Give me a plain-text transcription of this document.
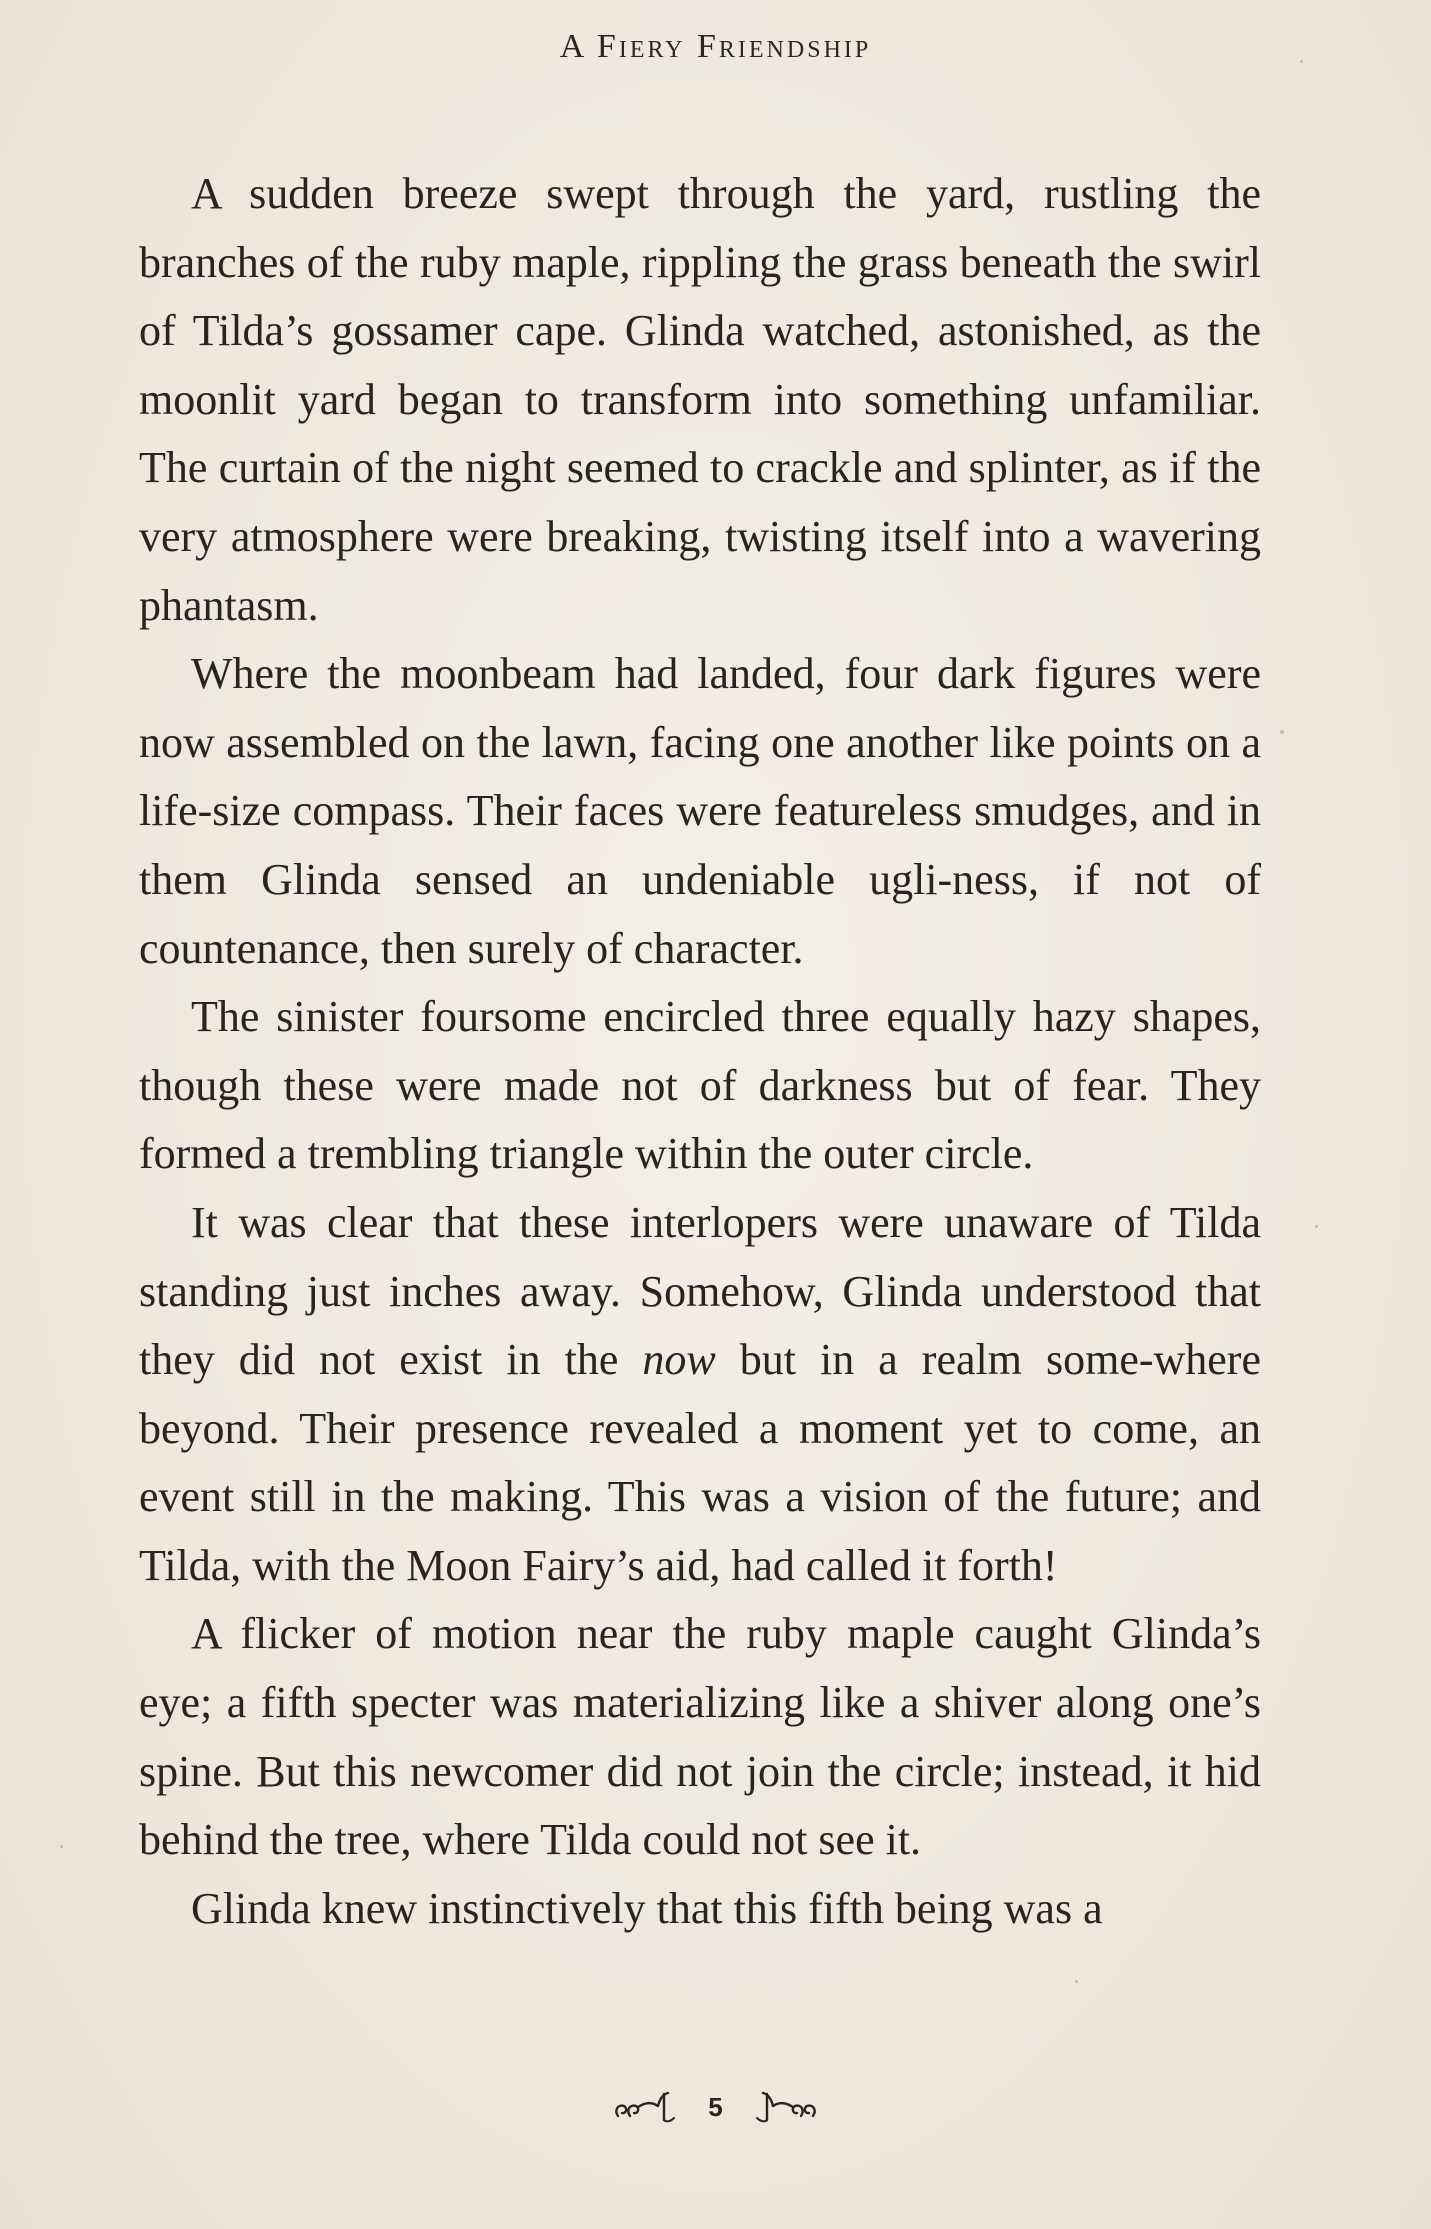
A Fiery Friendship

A sudden breeze swept through the yard, rustling the branches of the ruby maple, rippling the grass beneath the swirl of Tilda’s gossamer cape. Glinda watched, astonished, as the moonlit yard began to transform into something unfamiliar. The curtain of the night seemed to crackle and splinter, as if the very atmosphere were breaking, twisting itself into a wavering phantasm.

Where the moonbeam had landed, four dark figures were now assembled on the lawn, facing one another like points on a life-size compass. Their faces were featureless smudges, and in them Glinda sensed an undeniable ugli-ness, if not of countenance, then surely of character.

The sinister foursome encircled three equally hazy shapes, though these were made not of darkness but of fear. They formed a trembling triangle within the outer circle.

It was clear that these interlopers were unaware of Tilda standing just inches away. Somehow, Glinda understood that they did not exist in the now but in a realm some-where beyond. Their presence revealed a moment yet to come, an event still in the making. This was a vision of the future; and Tilda, with the Moon Fairy’s aid, had called it forth!

A flicker of motion near the ruby maple caught Glinda’s eye; a fifth specter was materializing like a shiver along one’s spine. But this newcomer did not join the circle; instead, it hid behind the tree, where Tilda could not see it.

Glinda knew instinctively that this fifth being was a

5
